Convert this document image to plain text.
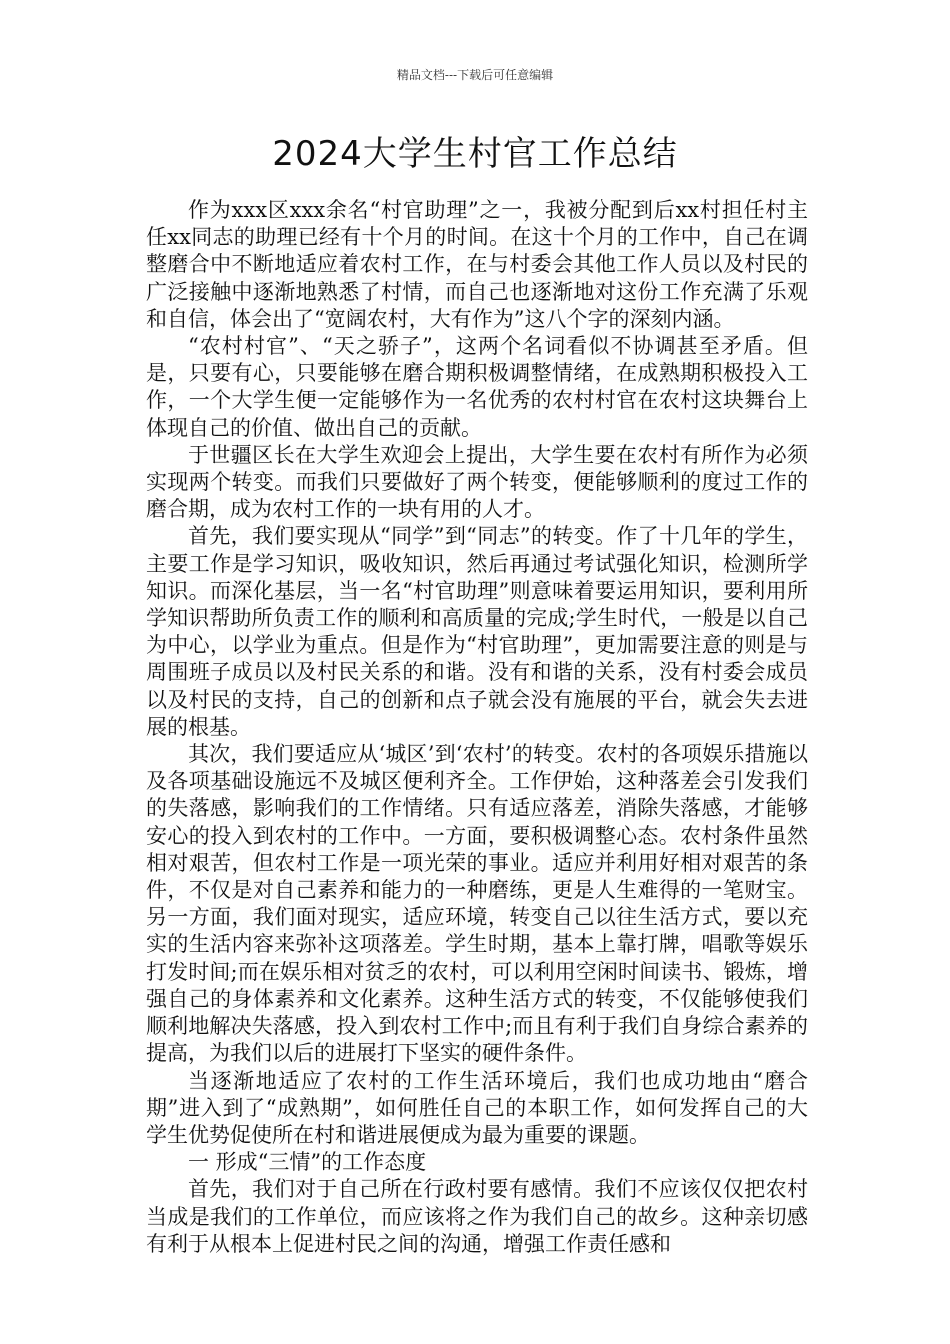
精品文档---下载后可任意编辑
2024大学生村官工作总结

作为xxx区xxx余名“村官助理”之一，我被分配到后xx村担任村主任xx同志的助理已经有十个月的时间。在这十个月的工作中，自己在调整磨合中不断地适应着农村工作，在与村委会其他工作人员以及村民的广泛接触中逐渐地熟悉了村情，而自己也逐渐地对这份工作充满了乐观和自信，体会出了“宽阔农村，大有作为”这八个字的深刻内涵。

“农村村官”、“天之骄子”，这两个名词看似不协调甚至矛盾。但是，只要有心，只要能够在磨合期积极调整情绪，在成熟期积极投入工作，一个大学生便一定能够作为一名优秀的农村村官在农村这块舞台上体现自己的价值、做出自己的贡献。

于世疆区长在大学生欢迎会上提出，大学生要在农村有所作为必须实现两个转变。而我们只要做好了两个转变，便能够顺利的度过工作的磨合期，成为农村工作的一块有用的人才。

首先，我们要实现从“同学”到“同志”的转变。作了十几年的学生，主要工作是学习知识，吸收知识，然后再通过考试强化知识，检测所学知识。而深化基层，当一名“村官助理”则意味着要运用知识，要利用所学知识帮助所负责工作的顺利和高质量的完成;学生时代，一般是以自己为中心，以学业为重点。但是作为“村官助理”，更加需要注意的则是与周围班子成员以及村民关系的和谐。没有和谐的关系，没有村委会成员以及村民的支持，自己的创新和点子就会没有施展的平台，就会失去进展的根基。

其次，我们要适应从‘城区’到‘农村’的转变。农村的各项娱乐措施以及各项基础设施远不及城区便利齐全。工作伊始，这种落差会引发我们的失落感，影响我们的工作情绪。只有适应落差，消除失落感，才能够安心的投入到农村的工作中。一方面，要积极调整心态。农村条件虽然相对艰苦，但农村工作是一项光荣的事业。适应并利用好相对艰苦的条件，不仅是对自己素养和能力的一种磨练，更是人生难得的一笔财宝。另一方面，我们面对现实，适应环境，转变自己以往生活方式，要以充实的生活内容来弥补这项落差。学生时期，基本上靠打牌，唱歌等娱乐打发时间;而在娱乐相对贫乏的农村，可以利用空闲时间读书、锻炼，增强自己的身体素养和文化素养。这种生活方式的转变，不仅能够使我们顺利地解决失落感，投入到农村工作中;而且有利于我们自身综合素养的提高，为我们以后的进展打下坚实的硬件条件。

当逐渐地适应了农村的工作生活环境后，我们也成功地由“磨合期”进入到了“成熟期”，如何胜任自己的本职工作，如何发挥自己的大学生优势促使所在村和谐进展便成为最为重要的课题。

一 形成“三情”的工作态度

首先，我们对于自己所在行政村要有感情。我们不应该仅仅把农村当成是我们的工作单位，而应该将之作为我们自己的故乡。这种亲切感有利于从根本上促进村民之间的沟通，增强工作责任感和
